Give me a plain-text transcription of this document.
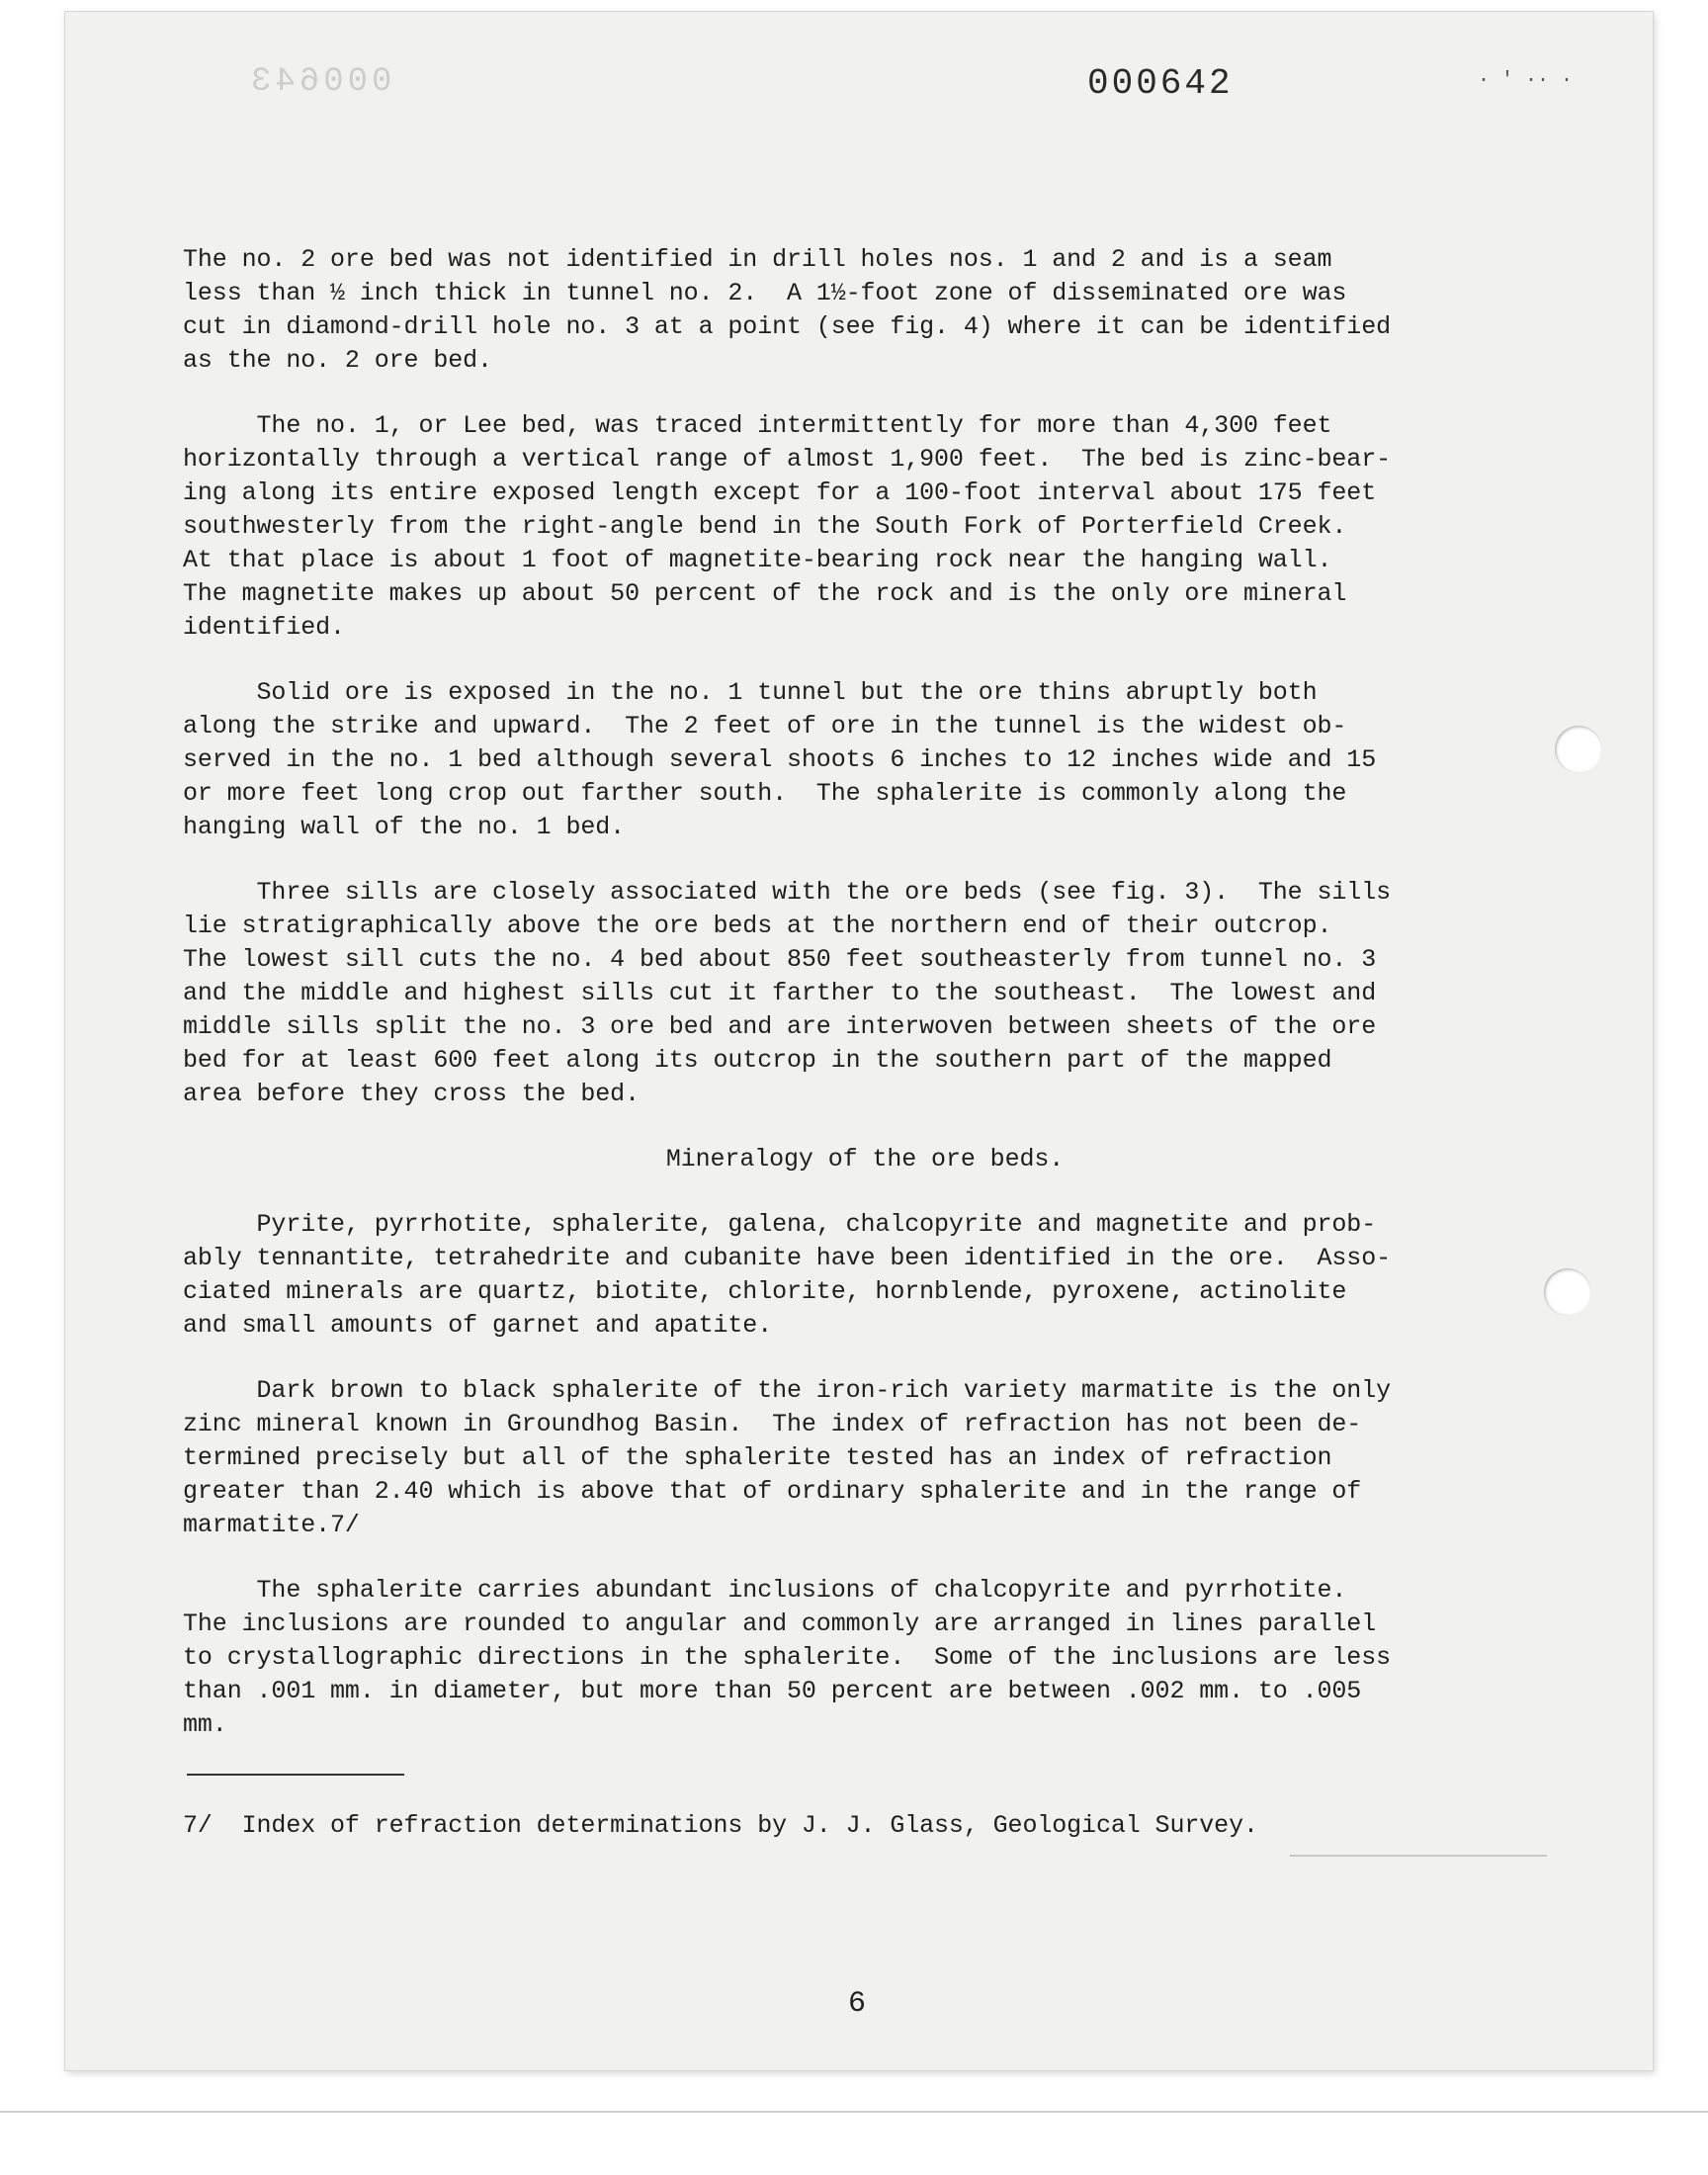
000643	000642	· ' ·· ·

The no. 2 ore bed was not identified in drill holes nos. 1 and 2 and is a seam
less than ½ inch thick in tunnel no. 2.  A 1½-foot zone of disseminated ore was
cut in diamond-drill hole no. 3 at a point (see fig. 4) where it can be identified
as the no. 2 ore bed.

The no. 1, or Lee bed, was traced intermittently for more than 4,300 feet
horizontally through a vertical range of almost 1,900 feet.  The bed is zinc-bear-
ing along its entire exposed length except for a 100-foot interval about 175 feet
southwesterly from the right-angle bend in the South Fork of Porterfield Creek.
At that place is about 1 foot of magnetite-bearing rock near the hanging wall.
The magnetite makes up about 50 percent of the rock and is the only ore mineral
identified.

Solid ore is exposed in the no. 1 tunnel but the ore thins abruptly both
along the strike and upward.  The 2 feet of ore in the tunnel is the widest ob-
served in the no. 1 bed although several shoots 6 inches to 12 inches wide and 15
or more feet long crop out farther south.  The sphalerite is commonly along the
hanging wall of the no. 1 bed.

Three sills are closely associated with the ore beds (see fig. 3).  The sills
lie stratigraphically above the ore beds at the northern end of their outcrop.
The lowest sill cuts the no. 4 bed about 850 feet southeasterly from tunnel no. 3
and the middle and highest sills cut it farther to the southeast.  The lowest and
middle sills split the no. 3 ore bed and are interwoven between sheets of the ore
bed for at least 600 feet along its outcrop in the southern part of the mapped
area before they cross the bed.

Mineralogy of the ore beds.

Pyrite, pyrrhotite, sphalerite, galena, chalcopyrite and magnetite and prob-
ably tennantite, tetrahedrite and cubanite have been identified in the ore.  Asso-
ciated minerals are quartz, biotite, chlorite, hornblende, pyroxene, actinolite
and small amounts of garnet and apatite.

Dark brown to black sphalerite of the iron-rich variety marmatite is the only
zinc mineral known in Groundhog Basin.  The index of refraction has not been de-
termined precisely but all of the sphalerite tested has an index of refraction
greater than 2.40 which is above that of ordinary sphalerite and in the range of
marmatite.7/

The sphalerite carries abundant inclusions of chalcopyrite and pyrrhotite.
The inclusions are rounded to angular and commonly are arranged in lines parallel
to crystallographic directions in the sphalerite.  Some of the inclusions are less
than .001 mm. in diameter, but more than 50 percent are between .002 mm. to .005
mm.

7/  Index of refraction determinations by J. J. Glass, Geological Survey.

6
